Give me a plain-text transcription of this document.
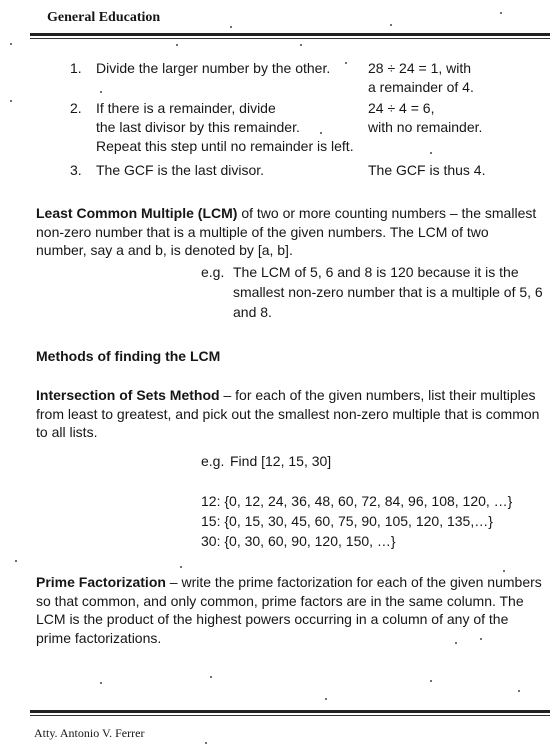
General Education
1. Divide the larger number by the other.	28 ÷ 24 = 1, with
a remainder of 4.
2. If there is a remainder, divide
the last divisor by this remainder.
Repeat this step until no remainder is left.
24 ÷ 4 = 6,
with no remainder.
3. The GCF is the last divisor.	The GCF is thus 4.
Least Common Multiple (LCM) of two or more counting numbers – the smallest non-zero number that is a multiple of the given numbers. The LCM of two number, say a and b, is denoted by [a, b].
e.g. The LCM of 5, 6 and 8 is 120 because it is the
smallest non-zero number that is a multiple of 5, 6
and 8.
Methods of finding the LCM
Intersection of Sets Method – for each of the given numbers, list their multiples from least to greatest, and pick out the smallest non-zero multiple that is common to all lists.
e.g. Find [12, 15, 30]
12: {0, 12, 24, 36, 48, 60, 72, 84, 96, 108, 120, …}
15: {0, 15, 30, 45, 60, 75, 90, 105, 120, 135,…}
30: {0, 30, 60, 90, 120, 150, …}
Prime Factorization – write the prime factorization for each of the given numbers so that common, and only common, prime factors are in the same column. The LCM is the product of the highest powers occurring in a column of any of the prime factorizations.
Atty. Antonio V. Ferrer
